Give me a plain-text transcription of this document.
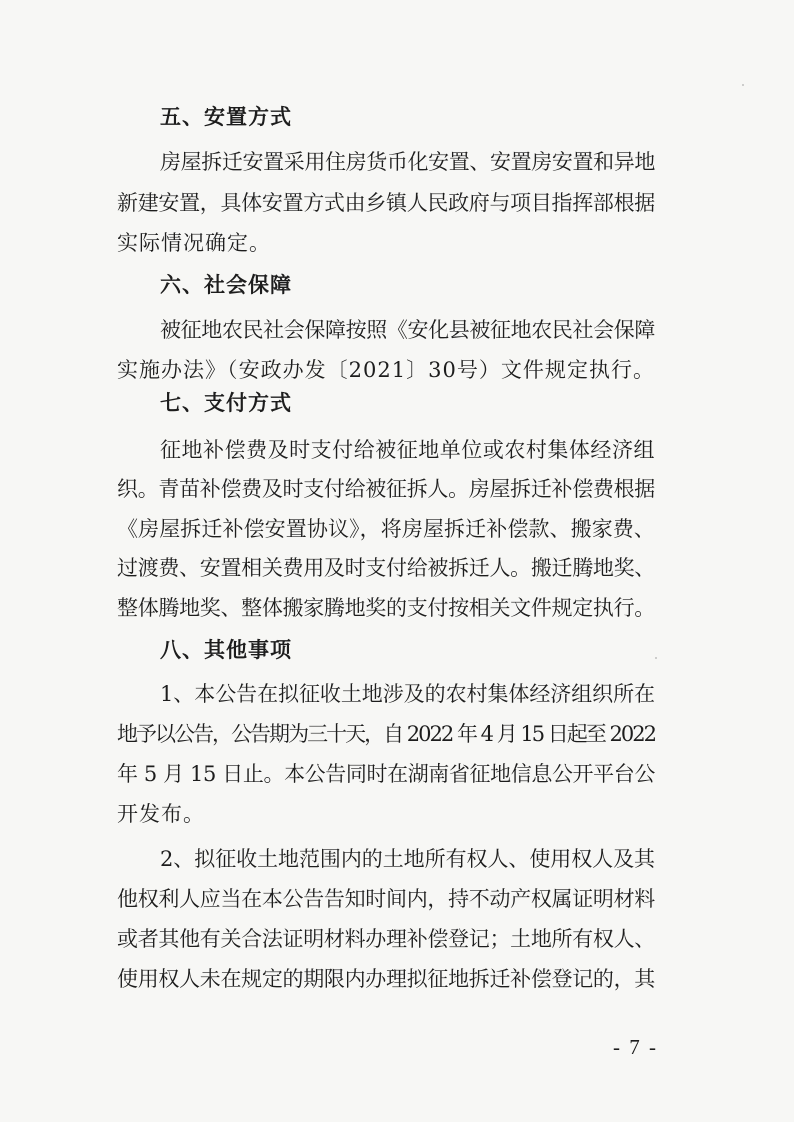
五、安置方式
房屋拆迁安置采用住房货币化安置、安置房安置和异地
新建安置，具体安置方式由乡镇人民政府与项目指挥部根据
实际情况确定。
六、社会保障
被征地农民社会保障按照《安化县被征地农民社会保障
实施办法》（安政办发〔2021〕30号）文件规定执行。
七、支付方式
征地补偿费及时支付给被征地单位或农村集体经济组
织。青苗补偿费及时支付给被征拆人。房屋拆迁补偿费根据
《房屋拆迁补偿安置协议》，将房屋拆迁补偿款、搬家费、
过渡费、安置相关费用及时支付给被拆迁人。搬迁腾地奖、
整体腾地奖、整体搬家腾地奖的支付按相关文件规定执行。
八、其他事项
1、本公告在拟征收土地涉及的农村集体经济组织所在
地予以公告，公告期为三十天，自 2022 年 4 月 15 日起至 2022
年 5 月 15 日止。本公告同时在湖南省征地信息公开平台公
开发布。
2、拟征收土地范围内的土地所有权人、使用权人及其
他权利人应当在本公告告知时间内，持不动产权属证明材料
或者其他有关合法证明材料办理补偿登记；土地所有权人、
使用权人未在规定的期限内办理拟征地拆迁补偿登记的，其
- 7 -
